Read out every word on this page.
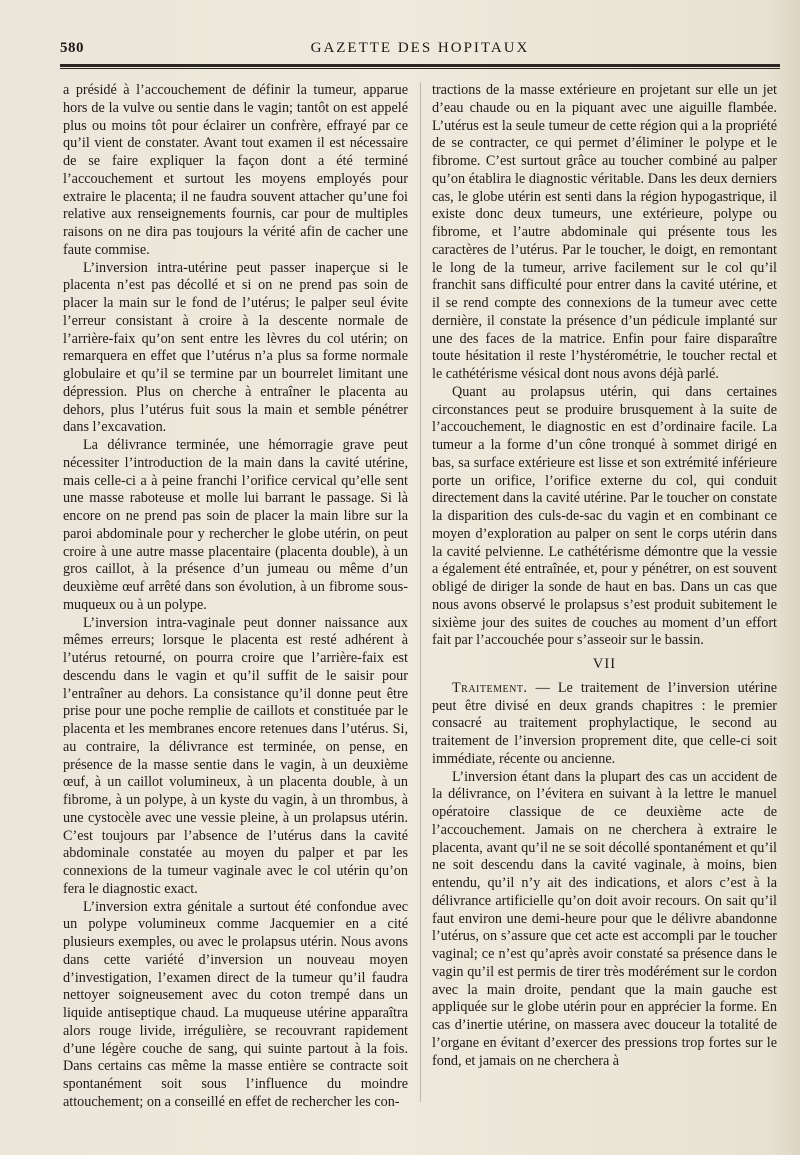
580	GAZETTE DES HOPITAUX

a présidé à l’accouchement de définir la tumeur, apparue hors de la vulve ou sentie dans le vagin; tantôt on est appelé plus ou moins tôt pour éclairer un confrère, effrayé par ce qu’il vient de constater. Avant tout examen il est nécessaire de se faire expliquer la façon dont a été terminé l’accouchement et surtout les moyens employés pour extraire le placenta; il ne faudra souvent attacher qu’une foi relative aux renseignements fournis, car pour de multiples raisons on ne dira pas toujours la vérité afin de cacher une faute commise.

L’inversion intra-utérine peut passer inaperçue si le placenta n’est pas décollé et si on ne prend pas soin de placer la main sur le fond de l’utérus; le palper seul évite l’erreur consistant à croire à la descente normale de l’arrière-faix qu’on sent entre les lèvres du col utérin; on remarquera en effet que l’utérus n’a plus sa forme normale globulaire et qu’il se termine par un bourrelet limitant une dépression. Plus on cherche à entraîner le placenta au dehors, plus l’utérus fuit sous la main et semble pénétrer dans l’excavation.

La délivrance terminée, une hémorragie grave peut nécessiter l’introduction de la main dans la cavité utérine, mais celle-ci a à peine franchi l’orifice cervical qu’elle sent une masse raboteuse et molle lui barrant le passage. Si là encore on ne prend pas soin de placer la main libre sur la paroi abdominale pour y rechercher le globe utérin, on peut croire à une autre masse placentaire (placenta double), à un gros caillot, à la présence d’un jumeau ou même d’un deuxième œuf arrêté dans son évolution, à un fibrome sous-muqueux ou à un polype.

L’inversion intra-vaginale peut donner naissance aux mêmes erreurs; lorsque le placenta est resté adhérent à l’utérus retourné, on pourra croire que l’arrière-faix est descendu dans le vagin et qu’il suffit de le saisir pour l’entraîner au dehors. La consistance qu’il donne peut être prise pour une poche remplie de caillots et constituée par le placenta et les membranes encore retenues dans l’utérus. Si, au contraire, la délivrance est terminée, on pense, en présence de la masse sentie dans le vagin, à un deuxième œuf, à un caillot volumineux, à un placenta double, à un fibrome, à un polype, à un kyste du vagin, à un thrombus, à une cystocèle avec une vessie pleine, à un prolapsus utérin. C’est toujours par l’absence de l’utérus dans la cavité abdominale constatée au moyen du palper et par les connexions de la tumeur vaginale avec le col utérin qu’on fera le diagnostic exact.

L’inversion extra génitale a surtout été confondue avec un polype volumineux comme Jacquemier en a cité plusieurs exemples, ou avec le prolapsus utérin. Nous avons dans cette variété d’inversion un nouveau moyen d’investigation, l’examen direct de la tumeur qu’il faudra nettoyer soigneusement avec du coton trempé dans un liquide antiseptique chaud. La muqueuse utérine apparaîtra alors rouge livide, irrégulière, se recouvrant rapidement d’une légère couche de sang, qui suinte partout à la fois. Dans certains cas même la masse entière se contracte soit spontanément soit sous l’influence du moindre attouchement; on a conseillé en effet de rechercher les con-

tractions de la masse extérieure en projetant sur elle un jet d’eau chaude ou en la piquant avec une aiguille flambée. L’utérus est la seule tumeur de cette région qui a la propriété de se contracter, ce qui permet d’éliminer le polype et le fibrome. C’est surtout grâce au toucher combiné au palper qu’on établira le diagnostic véritable. Dans les deux derniers cas, le globe utérin est senti dans la région hypogastrique, il existe donc deux tumeurs, une extérieure, polype ou fibrome, et l’autre abdominale qui présente tous les caractères de l’utérus. Par le toucher, le doigt, en remontant le long de la tumeur, arrive facilement sur le col qu’il franchit sans difficulté pour entrer dans la cavité utérine, et il se rend compte des connexions de la tumeur avec cette dernière, il constate la présence d’un pédicule implanté sur une des faces de la matrice. Enfin pour faire disparaître toute hésitation il reste l’hystérométrie, le toucher rectal et le cathétérisme vésical dont nous avons déjà parlé.

Quant au prolapsus utérin, qui dans certaines circonstances peut se produire brusquement à la suite de l’accouchement, le diagnostic en est d’ordinaire facile. La tumeur a la forme d’un cône tronqué à sommet dirigé en bas, sa surface extérieure est lisse et son extrémité inférieure porte un orifice, l’orifice externe du col, qui conduit directement dans la cavité utérine. Par le toucher on constate la disparition des culs-de-sac du vagin et en combinant ce moyen d’exploration au palper on sent le corps utérin dans la cavité pelvienne. Le cathétérisme démontre que la vessie a également été entraînée, et, pour y pénétrer, on est souvent obligé de diriger la sonde de haut en bas. Dans un cas que nous avons observé le prolapsus s’est produit subitement le sixième jour des suites de couches au moment d’un effort fait par l’accouchée pour s’asseoir sur le bassin.

VII

Traitement. — Le traitement de l’inversion utérine peut être divisé en deux grands chapitres : le premier consacré au traitement prophylactique, le second au traitement de l’inversion proprement dite, que celle-ci soit immédiate, récente ou ancienne.

L’inversion étant dans la plupart des cas un accident de la délivrance, on l’évitera en suivant à la lettre le manuel opératoire classique de ce deuxième acte de l’accouchement. Jamais on ne cherchera à extraire le placenta, avant qu’il ne se soit décollé spontanément et qu’il ne soit descendu dans la cavité vaginale, à moins, bien entendu, qu’il n’y ait des indications, et alors c’est à la délivrance artificielle qu’on doit avoir recours. On sait qu’il faut environ une demi-heure pour que le délivre abandonne l’utérus, on s’assure que cet acte est accompli par le toucher vaginal; ce n’est qu’après avoir constaté sa présence dans le vagin qu’il est permis de tirer très modérément sur le cordon avec la main droite, pendant que la main gauche est appliquée sur le globe utérin pour en apprécier la forme. En cas d’inertie utérine, on massera avec douceur la totalité de l’organe en évitant d’exercer des pressions trop fortes sur le fond, et jamais on ne cherchera à
